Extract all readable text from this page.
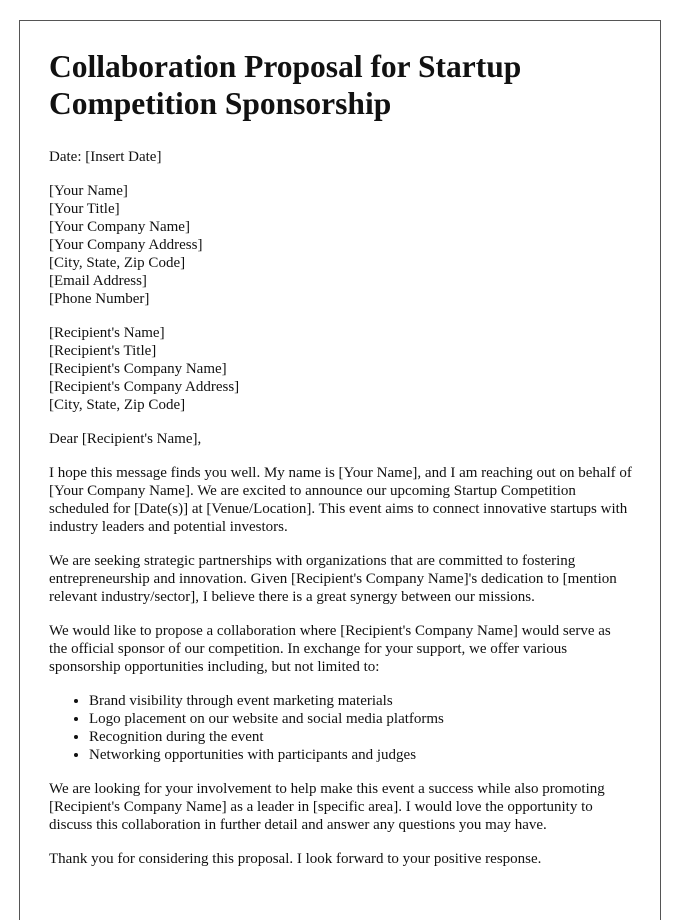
Collaboration Proposal for Startup Competition Sponsorship

Date: [Insert Date]

[Your Name]
[Your Title]
[Your Company Name]
[Your Company Address]
[City, State, Zip Code]
[Email Address]
[Phone Number]
[Recipient's Name]
[Recipient's Title]
[Recipient's Company Name]
[Recipient's Company Address]
[City, State, Zip Code]

Dear [Recipient's Name],

I hope this message finds you well. My name is [Your Name], and I am reaching out on behalf of [Your Company Name]. We are excited to announce our upcoming Startup Competition scheduled for [Date(s)] at [Venue/Location]. This event aims to connect innovative startups with industry leaders and potential investors.

We are seeking strategic partnerships with organizations that are committed to fostering entrepreneurship and innovation. Given [Recipient's Company Name]'s dedication to [mention relevant industry/sector], I believe there is a great synergy between our missions.

We would like to propose a collaboration where [Recipient's Company Name] would serve as the official sponsor of our competition. In exchange for your support, we offer various sponsorship opportunities including, but not limited to:

• Brand visibility through event marketing materials
• Logo placement on our website and social media platforms
• Recognition during the event
• Networking opportunities with participants and judges

We are looking for your involvement to help make this event a success while also promoting [Recipient's Company Name] as a leader in [specific area]. I would love the opportunity to discuss this collaboration in further detail and answer any questions you may have.

Thank you for considering this proposal. I look forward to your positive response.
